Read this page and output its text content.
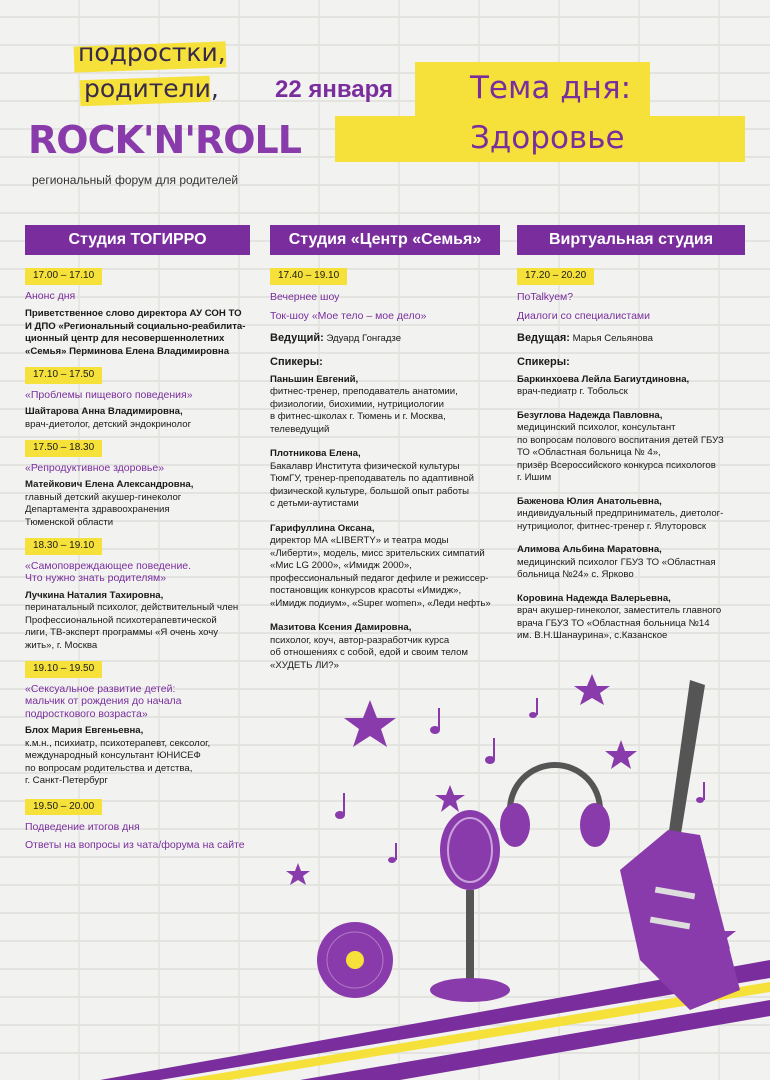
подростки,
родители,
ROCK'N'ROLL
региональный форум для родителей
22 января Тема дня:
Здоровье
Студия ТОГИРРО	Студия «Центр «Семья»	Виртуальная студия
17.00 – 17.10
Анонс дня
Приветственное слово директора АУ СОН ТО
И ДПО «Региональный социально-реабилита-
ционный центр для несовершеннолетних
«Семья» Перминова Елена Владимировна
17.10 – 17.50
«Проблемы пищевого поведения»
Шайтарова Анна Владимировна,
врач-диетолог, детский эндокринолог
17.50 – 18.30
«Репродуктивное здоровье»
Матейкович Елена Александровна,
главный детский акушер-гинеколог
Департамента здравоохранения
Тюменской области
18.30 – 19.10
«Самоповреждающее поведение.
Что нужно знать родителям»
Лучкина Наталия Тахировна,
перинатальный психолог, действительный член
Профессиональной психотерапевтической
лиги, ТВ-эксперт программы «Я очень хочу
жить», г. Москва
19.10 – 19.50
«Сексуальное развитие детей:
мальчик от рождения до начала
подросткового возраста»
Блох Мария Евгеньевна,
к.м.н., психиатр, психотерапевт, сексолог,
международный консультант ЮНИСЕФ
по вопросам родительства и детства,
г. Санкт-Петербург
19.50 – 20.00
Подведение итогов дня
Ответы на вопросы из чата/форума на сайте
17.40 – 19.10
Вечернее шоу
Ток-шоу «Мое тело – мое дело»
Ведущий: Эдуард Гонгадзе
Спикеры:
Паньшин Евгений,
фитнес-тренер, преподаватель анатомии,
физиологии, биохимии, нутрициологии
в фитнес-школах г. Тюмень и г. Москва,
телеведущий
Плотникова Елена,
Бакалавр Института физической культуры
ТюмГУ, тренер-преподаватель по адаптивной
физической культуре, большой опыт работы
с детьми-аутистами
Гарифуллина Оксана,
директор МА «LIBERTY» и театра моды
«Либерти», модель, мисс зрительских симпатий
«Мис LG 2000», «Имидж 2000»,
профессиональный педагог дефиле и режиссер-
постановщик конкурсов красоты «Имидж»,
«Имидж подиум», «Super women», «Леди нефть»
Мазитова Ксения Дамировна,
психолог, коуч, автор-разработчик курса
об отношениях с собой, едой и своим телом
«ХУДЕТЬ ЛИ?»
17.20 – 20.20
ПоTalkуем?
Диалоги со специалистами
Ведущая: Марья Сельянова
Спикеры:
Баркинхоева Лейла Багиутдиновна,
врач-педиатр г. Тобольск
Безуглова Надежда Павловна,
медицинский психолог, консультант
по вопросам полового воспитания детей ГБУЗ
ТО «Областная больница № 4»,
призёр Всероссийского конкурса психологов
г. Ишим
Баженова Юлия Анатольевна,
индивидуальный предприниматель, диетолог-
нутрициолог, фитнес-тренер г. Ялуторовск
Алимова Альбина Маратовна,
медицинский психолог ГБУЗ ТО «Областная
больница №24» с. Ярково
Коровина Надежда Валерьевна,
врач акушер-гинеколог, заместитель главного
врача ГБУЗ ТО «Областная больница №14
им. В.Н.Шанаурина», с.Казанское
